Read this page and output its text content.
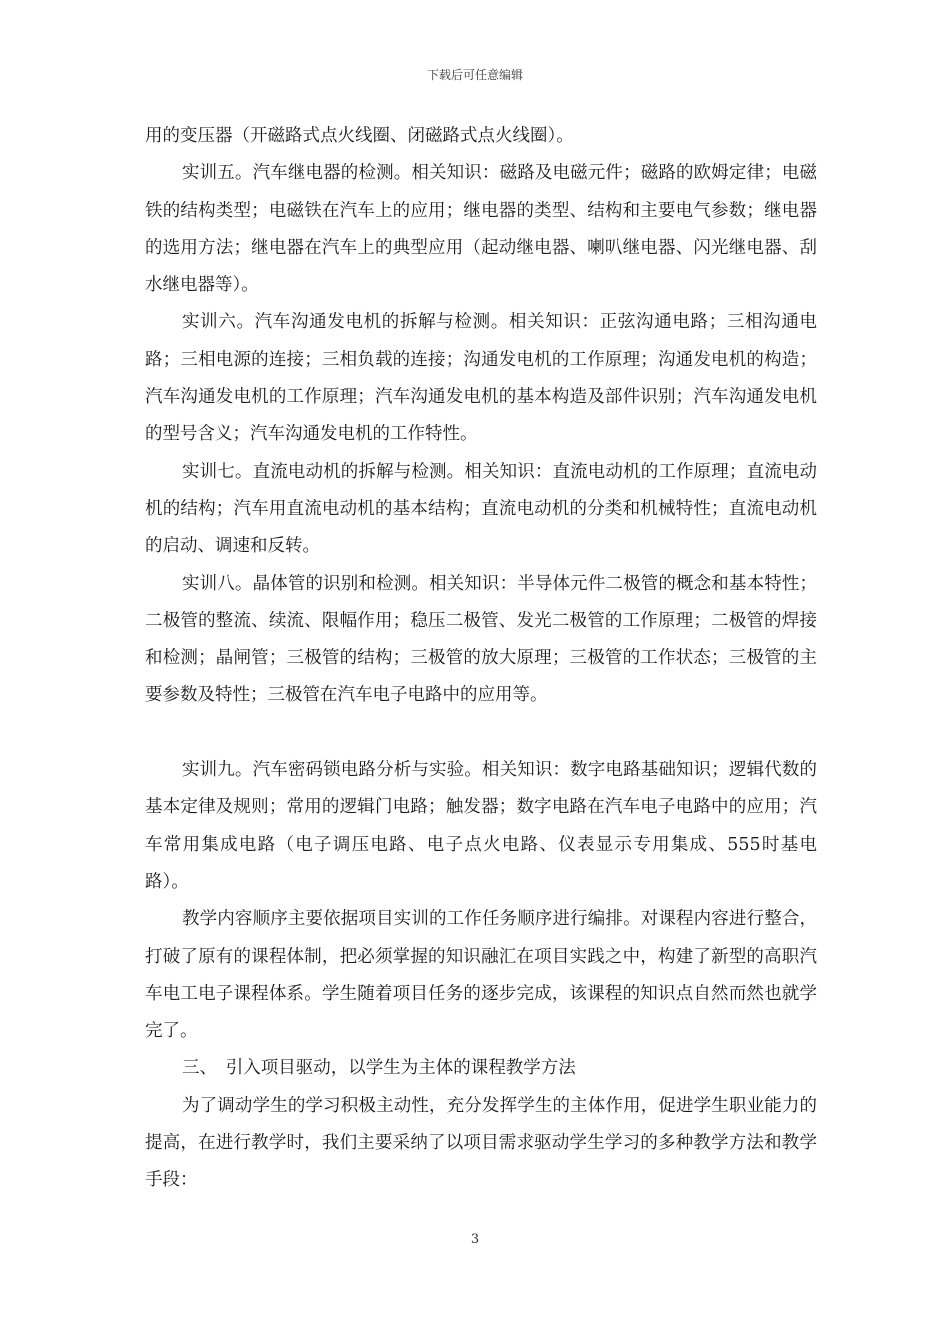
下载后可任意编辑

用的变压器（开磁路式点火线圈、闭磁路式点火线圈）。

实训五。汽车继电器的检测。相关知识：磁路及电磁元件；磁路的欧姆定律；电磁铁的结构类型；电磁铁在汽车上的应用；继电器的类型、结构和主要电气参数；继电器的选用方法；继电器在汽车上的典型应用（起动继电器、喇叭继电器、闪光继电器、刮水继电器等）。

实训六。汽车沟通发电机的拆解与检测。相关知识：正弦沟通电路；三相沟通电路；三相电源的连接；三相负载的连接；沟通发电机的工作原理；沟通发电机的构造；汽车沟通发电机的工作原理；汽车沟通发电机的基本构造及部件识别；汽车沟通发电机的型号含义；汽车沟通发电机的工作特性。

实训七。直流电动机的拆解与检测。相关知识：直流电动机的工作原理；直流电动机的结构；汽车用直流电动机的基本结构；直流电动机的分类和机械特性；直流电动机的启动、调速和反转。

实训八。晶体管的识别和检测。相关知识：半导体元件二极管的概念和基本特性；二极管的整流、续流、限幅作用；稳压二极管、发光二极管的工作原理；二极管的焊接和检测；晶闸管；三极管的结构；三极管的放大原理；三极管的工作状态；三极管的主要参数及特性；三极管在汽车电子电路中的应用等。

实训九。汽车密码锁电路分析与实验。相关知识：数字电路基础知识；逻辑代数的基本定律及规则；常用的逻辑门电路；触发器；数字电路在汽车电子电路中的应用；汽车常用集成电路（电子调压电路、电子点火电路、仪表显示专用集成、555时基电路）。

教学内容顺序主要依据项目实训的工作任务顺序进行编排。对课程内容进行整合，打破了原有的课程体制，把必须掌握的知识融汇在项目实践之中，构建了新型的高职汽车电工电子课程体系。学生随着项目任务的逐步完成，该课程的知识点自然而然也就学完了。

三、　引入项目驱动，以学生为主体的课程教学方法

为了调动学生的学习积极主动性，充分发挥学生的主体作用，促进学生职业能力的提高，在进行教学时，我们主要采纳了以项目需求驱动学生学习的多种教学方法和教学手段：

3
